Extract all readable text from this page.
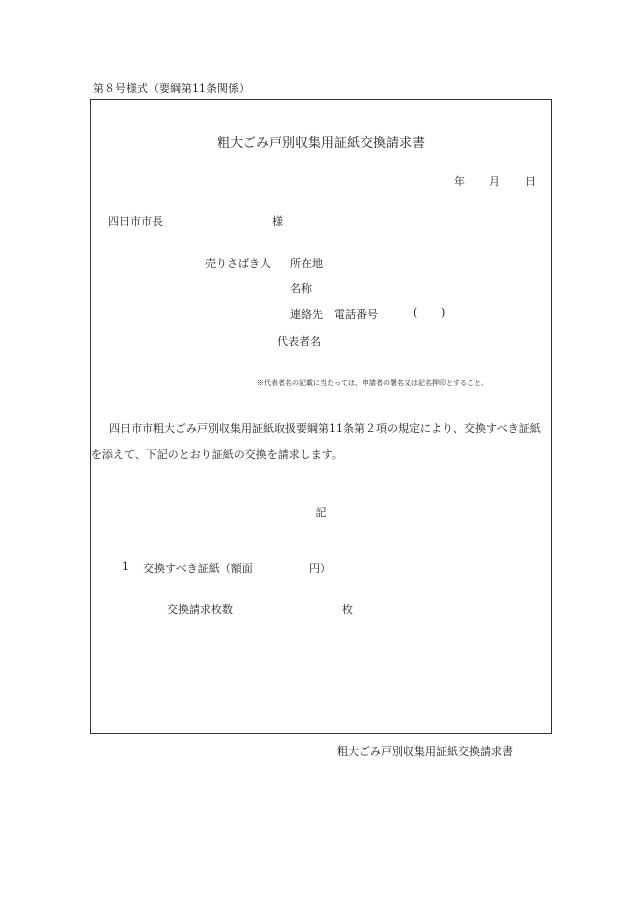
第８号様式（要綱第11条関係）
粗大ごみ戸別収集用証紙交換請求書
年 月 日
四日市市長	様
売りさばき人 所在地
名称
連絡先 電話番号	( )
代表者名
※代表者名の記載に当たっては、申請者の署名又は記名押印とすること。
四日市市粗大ごみ戸別収集用証紙取扱要綱第11条第２項の規定により、交換すべき証紙を添えて、下記のとおり証紙の交換を請求します。
記
1 交換すべき証紙（額面	円）
交換請求枚数	枚
粗大ごみ戸別収集用証紙交換請求書
